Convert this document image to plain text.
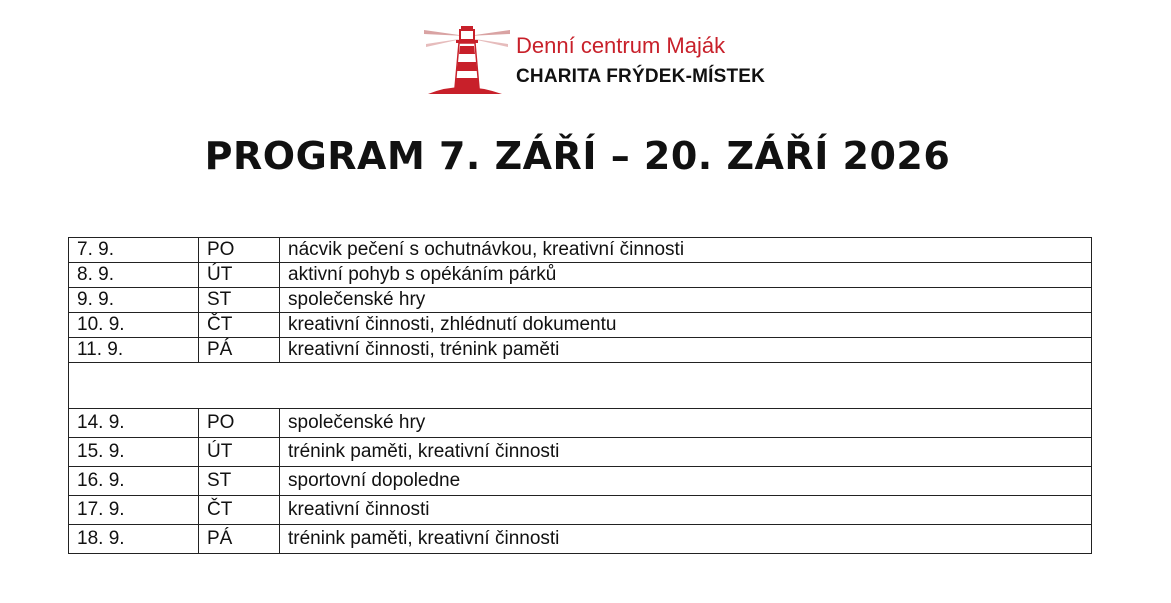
Denní centrum Maják
CHARITA FRÝDEK-MÍSTEK
PROGRAM 7. ZÁŘÍ – 20. ZÁŘÍ 2026
7. 9.	PO	nácvik pečení s ochutnávkou, kreativní činnosti
8. 9.	ÚT	aktivní pohyb s opékáním párků
9. 9.	ST	společenské hry
10. 9.	ČT	kreativní činnosti, zhlédnutí dokumentu
11. 9.	PÁ	kreativní činnosti, trénink paměti

14. 9.	PO	společenské hry
15. 9.	ÚT	trénink paměti, kreativní činnosti
16. 9.	ST	sportovní dopoledne
17. 9.	ČT	kreativní činnosti
18. 9.	PÁ	trénink paměti, kreativní činnosti
